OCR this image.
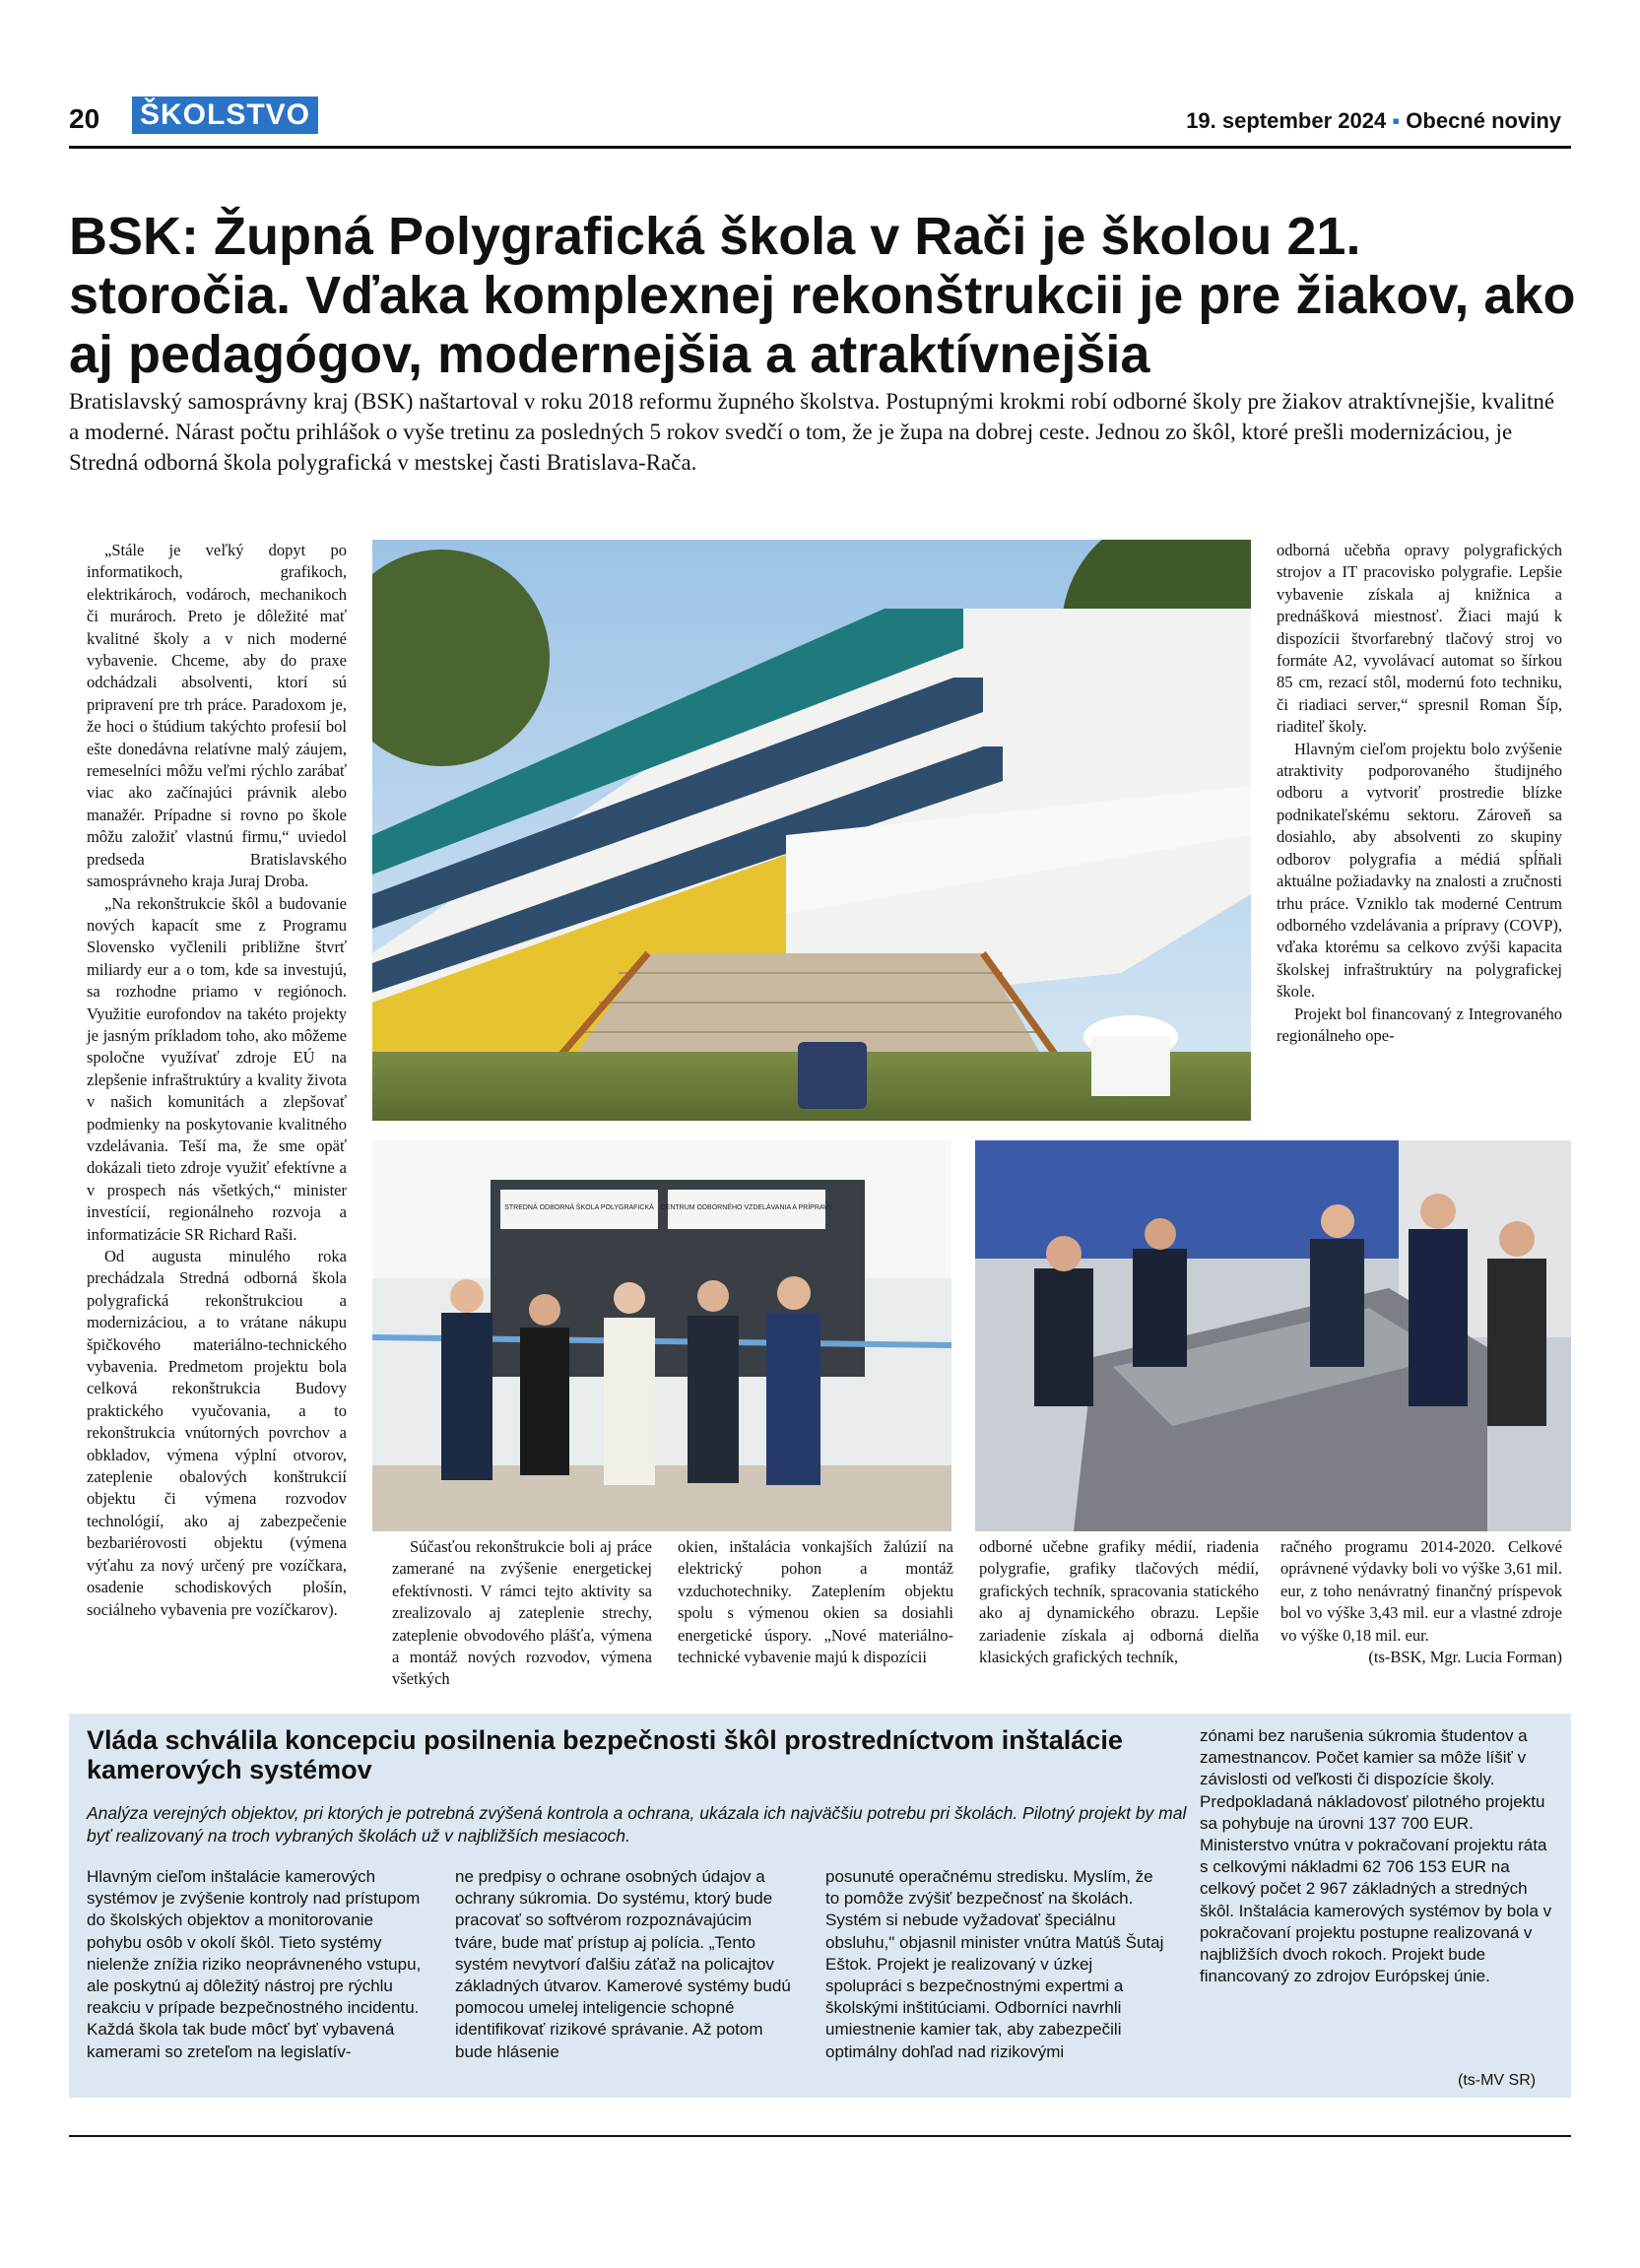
20 ŠKOLSTVO	19. september 2024 ▪ Obecné noviny
BSK: Župná Polygrafická škola v Rači je školou 21. storočia. Vďaka komplexnej rekonštrukcii je pre žiakov, ako aj pedagógov, modernejšia a atraktívnejšia

Bratislavský samosprávny kraj (BSK) naštartoval v roku 2018 reformu župného školstva. Postupnými krokmi robí odborné školy pre žiakov atraktívnejšie, kvalitné a moderné. Nárast počtu prihlášok o vyše tretinu za posledných 5 rokov svedčí o tom, že je župa na dobrej ceste. Jednou zo škôl, ktoré prešli modernizáciou, je Stredná odborná škola polygrafická v mestskej časti Bratislava-Rača.

„Stále je veľký dopyt po informatikoch, grafikoch, elektrikároch, vodároch, mechanikoch či murároch. Preto je dôležité mať kvalitné školy a v nich moderné vybavenie. Chceme, aby do praxe odchádzali absolventi, ktorí sú pripravení pre trh práce. Paradoxom je, že hoci o štúdium takýchto profesií bol ešte donedávna relatívne malý záujem, remeselníci môžu veľmi rýchlo zarábať viac ako začínajúci právnik alebo manažér. Prípadne si rovno po škole môžu založiť vlastnú firmu,“ uviedol predseda Bratislavského samosprávneho kraja Juraj Droba.

„Na rekonštrukcie škôl a budovanie nových kapacít sme z Programu Slovensko vyčlenili približne štvrť miliardy eur a o tom, kde sa investujú, sa rozhodne priamo v regiónoch. Využitie eurofondov na takéto projekty je jasným príkladom toho, ako môžeme spoločne využívať zdroje EÚ na zlepšenie infraštruktúry a kvality života v našich komunitách a zlepšovať podmienky na poskytovanie kvalitného vzdelávania. Teší ma, že sme opäť dokázali tieto zdroje využiť efektívne a v prospech nás všetkých,“ minister investícií, regionálneho rozvoja a informatizácie SR Richard Raši.

Od augusta minulého roka prechádzala Stredná odborná škola polygrafická rekonštrukciou a modernizáciou, a to vrátane nákupu špičkového materiálno-technického vybavenia. Predmetom projektu bola celková rekonštrukcia Budovy praktického vyučovania, a to rekonštrukcia vnútorných povrchov a obkladov, výmena výplní otvorov, zateplenie obalových konštrukcií objektu či výmena rozvodov technológií, ako aj zabezpečenie bezbariérovosti objektu (výmena výťahu za nový určený pre vozíčkara, osadenie schodiskových plošín, sociálneho vybavenia pre vozíčkarov).

odborná učebňa opravy polygrafických strojov a IT pracovisko polygrafie. Lepšie vybavenie získala aj knižnica a prednášková miestnosť. Žiaci majú k dispozícii štvorfarebný tlačový stroj vo formáte A2, vyvolávací automat so šírkou 85 cm, rezací stôl, modernú foto techniku, či riadiaci server,“ spresnil Roman Šíp, riaditeľ školy.

Hlavným cieľom projektu bolo zvýšenie atraktivity podporovaného študijného odboru a vytvoriť prostredie blízke podnikateľskému sektoru. Zároveň sa dosiahlo, aby absolventi zo skupiny odborov polygrafia a médiá spĺňali aktuálne požiadavky na znalosti a zručnosti trhu práce. Vzniklo tak moderné Centrum odborného vzdelávania a prípravy (COVP), vďaka ktorému sa celkovo zvýši kapacita školskej infraštruktúry na polygrafickej škole.

Projekt bol financovaný z Integrovaného regionálneho ope-

STREDNÁ ODBORNÁ ŠKOLA POLYGRAFICKÁ CENTRUM ODBORNÉHO VZDELÁVANIA A PRÍPRAVY

Súčasťou rekonštrukcie boli aj práce zamerané na zvýšenie energetickej efektívnosti. V rámci tejto aktivity sa zrealizovalo aj zateplenie strechy, zateplenie obvodového plášťa, výmena a montáž nových rozvodov, výmena všetkých

okien, inštalácia vonkajších žalúzií na elektrický pohon a montáž vzduchotechniky. Zateplením objektu spolu s výmenou okien sa dosiahli energetické úspory. „Nové materiálno-technické vybavenie majú k dispozícii

odborné učebne grafiky médií, riadenia polygrafie, grafiky tlačových médií, grafických techník, spracovania statického ako aj dynamického obrazu. Lepšie zariadenie získala aj odborná dielňa klasických grafických techník,

račného programu 2014-2020. Celkové oprávnené výdavky boli vo výške 3,61 mil. eur, z toho nenávratný finančný príspevok bol vo výške 3,43 mil. eur a vlastné zdroje vo výške 0,18 mil. eur.

(ts-BSK, Mgr. Lucia Forman)

Vláda schválila koncepciu posilnenia bezpečnosti škôl prostredníctvom inštalácie kamerových systémov

Analýza verejných objektov, pri ktorých je potrebná zvýšená kontrola a ochrana, ukázala ich najväčšiu potrebu pri školách. Pilotný projekt by mal byť realizovaný na troch vybraných školách už v najbližších mesiacoch.

Hlavným cieľom inštalácie kamerových systémov je zvýšenie kontroly nad prístupom do školských objektov a monitorovanie pohybu osôb v okolí škôl. Tieto systémy nielenže znížia riziko neoprávneného vstupu, ale poskytnú aj dôležitý nástroj pre rýchlu reakciu v prípade bezpečnostného incidentu. Každá škola tak bude môcť byť vybavená kamerami so zreteľom na legislatív-

ne predpisy o ochrane osobných údajov a ochrany súkromia. Do systému, ktorý bude pracovať so softvérom rozpoznávajúcim tváre, bude mať prístup aj polícia. „Tento systém nevytvorí ďalšiu záťaž na policajtov základných útvarov. Kamerové systémy budú pomocou umelej inteligencie schopné identifikovať rizikové správanie. Až potom bude hlásenie

posunuté operačnému stredisku. Myslím, že to pomôže zvýšiť bezpečnosť na školách. Systém si nebude vyžadovať špeciálnu obsluhu," objasnil minister vnútra Matúš Šutaj Eštok. Projekt je realizovaný v úzkej spolupráci s bezpečnostnými expertmi a školskými inštitúciami. Odborníci navrhli umiestnenie kamier tak, aby zabezpečili optimálny dohľad nad rizikovými

zónami bez narušenia súkromia študentov a zamestnancov. Počet kamier sa môže líšiť v závislosti od veľkosti či dispozície školy. Predpokladaná nákladovosť pilotného projektu sa pohybuje na úrovni 137 700 EUR. Ministerstvo vnútra v pokračovaní projektu ráta s celkovými nákladmi 62 706 153 EUR na celkový počet 2 967 základných a stredných škôl. Inštalácia kamerových systémov by bola v pokračovaní projektu postupne realizovaná v najbližších dvoch rokoch. Projekt bude financovaný zo zdrojov Európskej únie.

(ts-MV SR)
